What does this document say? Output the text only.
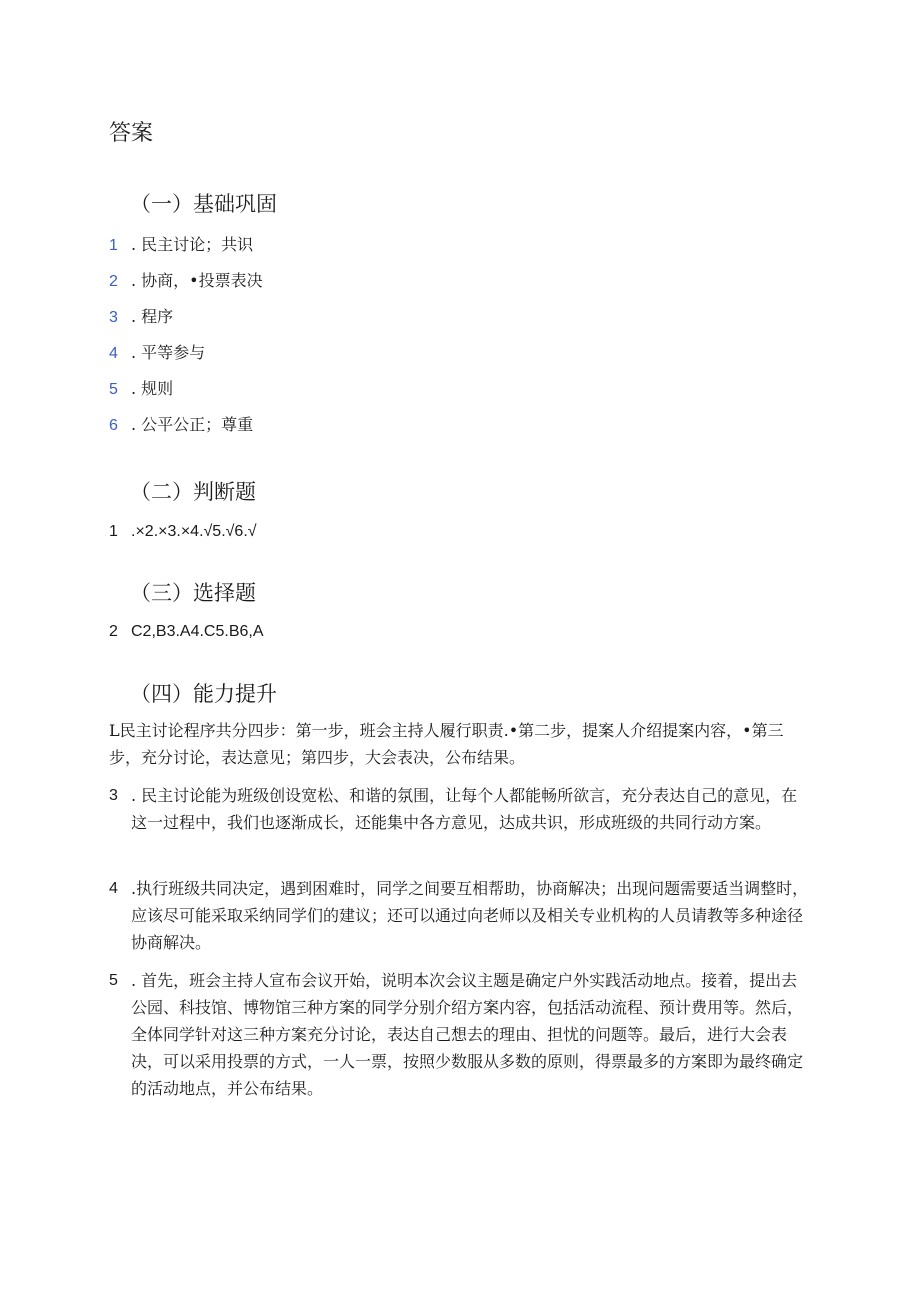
答案
（一）基础巩固
1 . 民主讨论；共识
2 . 协商，•投票表决
3 . 程序
4 . 平等参与
5 . 规则
6 . 公平公正；尊重
（二）判断题
1 .×2.×3.×4.√5.√6.√
（三）选择题
2 C2,B3.A4.C5.B6,A
（四）能力提升
L民主讨论程序共分四步：第一步，班会主持人履行职责.•第二步，提案人介绍提案内容，•第三步，充分讨论，表达意见；第四步，大会表决，公布结果。
3 . 民主讨论能为班级创设宽松、和谐的氛围，让每个人都能畅所欲言，充分表达自己的意见，在这一过程中，我们也逐渐成长，还能集中各方意见，达成共识，形成班级的共同行动方案。
4 .执行班级共同决定，遇到困难时，同学之间要互相帮助，协商解决；出现问题需要适当调整时，应该尽可能采取采纳同学们的建议；还可以通过向老师以及相关专业机构的人员请教等多种途径协商解决。
5 . 首先，班会主持人宣布会议开始，说明本次会议主题是确定户外实践活动地点。接着，提出去公园、科技馆、博物馆三种方案的同学分别介绍方案内容，包括活动流程、预计费用等。然后，全体同学针对这三种方案充分讨论，表达自己想去的理由、担忧的问题等。最后，进行大会表决，可以采用投票的方式，一人一票，按照少数服从多数的原则，得票最多的方案即为最终确定的活动地点，并公布结果。
